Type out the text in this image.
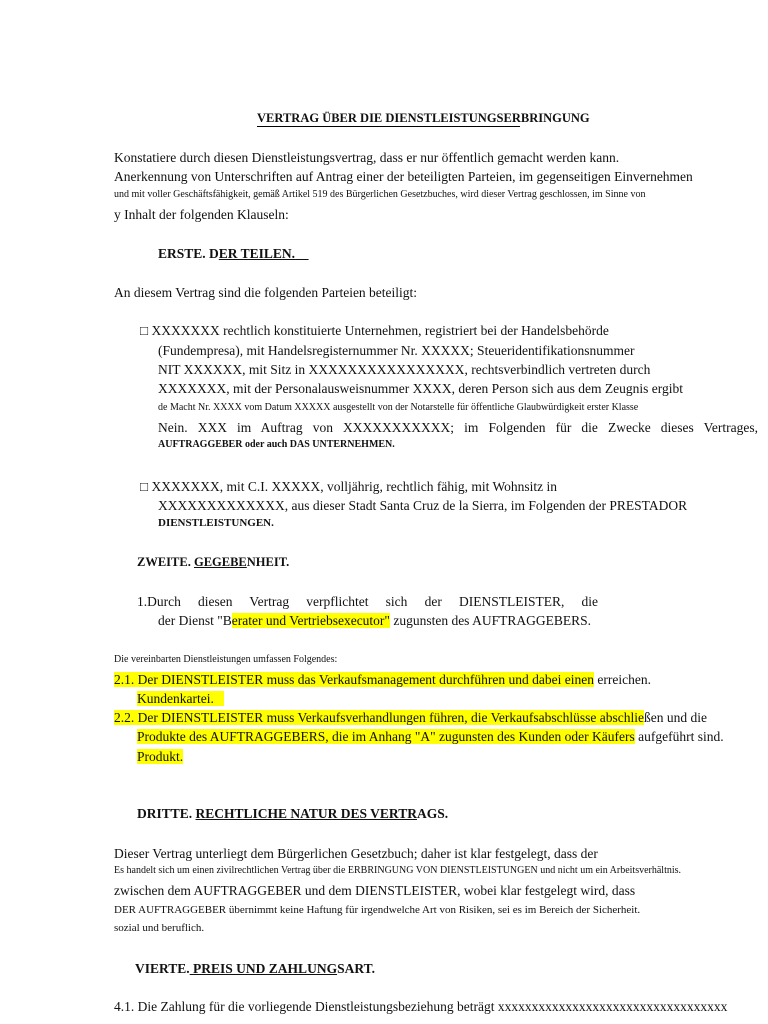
VERTRAG ÜBER DIE DIENSTLEISTUNGSERBRINGUNG
Konstatiere durch diesen Dienstleistungsvertrag, dass er nur öffentlich gemacht werden kann.
Anerkennung von Unterschriften auf Antrag einer der beteiligten Parteien, im gegenseitigen Einvernehmen
und mit voller Geschäftsfähigkeit, gemäß Artikel 519 des Bürgerlichen Gesetzbuches, wird dieser Vertrag geschlossen, im Sinne von
y Inhalt der folgenden Klauseln:
ERSTE. DER TEILEN.
An diesem Vertrag sind die folgenden Parteien beteiligt:
□ XXXXXXX rechtlich konstituierte Unternehmen, registriert bei der Handelsbehörde
(Fundempresa), mit Handelsregisternummer Nr. XXXXX; Steueridentifikationsnummer
NIT XXXXXX, mit Sitz in XXXXXXXXXXXXXXXX, rechtsverbindlich vertreten durch
XXXXXXX, mit der Personalausweisnummer XXXX, deren Person sich aus dem Zeugnis ergibt
de Macht Nr. XXXX vom Datum XXXXX ausgestellt von der Notarstelle für öffentliche Glaubwürdigkeit erster Klasse
Nein. XXX im Auftrag von XXXXXXXXXXX; im Folgenden für die Zwecke dieses Vertrages,
AUFTRAGGEBER oder auch DAS UNTERNEHMEN.
□ XXXXXXX, mit C.I. XXXXX, volljährig, rechtlich fähig, mit Wohnsitz in
XXXXXXXXXXXXX, aus dieser Stadt Santa Cruz de la Sierra, im Folgenden der PRESTADOR
DIENSTLEISTUNGEN.
ZWEITE. GEGEBENHEIT.
1.Durch diesen Vertrag verpflichtet sich der DIENSTLEISTER, die
der Dienst "Berater und Vertriebsexecutor" zugunsten des AUFTRAGGEBERS.
Die vereinbarten Dienstleistungen umfassen Folgendes:
2.1. Der DIENSTLEISTER muss das Verkaufsmanagement durchführen und dabei einen erreichen.
Kundenkartei.
2.2. Der DIENSTLEISTER muss Verkaufsverhandlungen führen, die Verkaufsabschlüsse abschließen und die
Produkte des AUFTRAGGEBERS, die im Anhang "A" zugunsten des Kunden oder Käufers aufgeführt sind.
Produkt.
DRITTE. RECHTLICHE NATUR DES VERTRAGS.
Dieser Vertrag unterliegt dem Bürgerlichen Gesetzbuch; daher ist klar festgelegt, dass der
Es handelt sich um einen zivilrechtlichen Vertrag über die ERBRINGUNG VON DIENSTLEISTUNGEN und nicht um ein Arbeitsverhältnis.
zwischen dem AUFTRAGGEBER und dem DIENSTLEISTER, wobei klar festgelegt wird, dass
DER AUFTRAGGEBER übernimmt keine Haftung für irgendwelche Art von Risiken, sei es im Bereich der Sicherheit.
sozial und beruflich.
VIERTE. PREIS UND ZAHLUNGSART.
4.1. Die Zahlung für die vorliegende Dienstleistungsbeziehung beträgt xxxxxxxxxxxxxxxxxxxxxxxxxxxxxxxxxx
